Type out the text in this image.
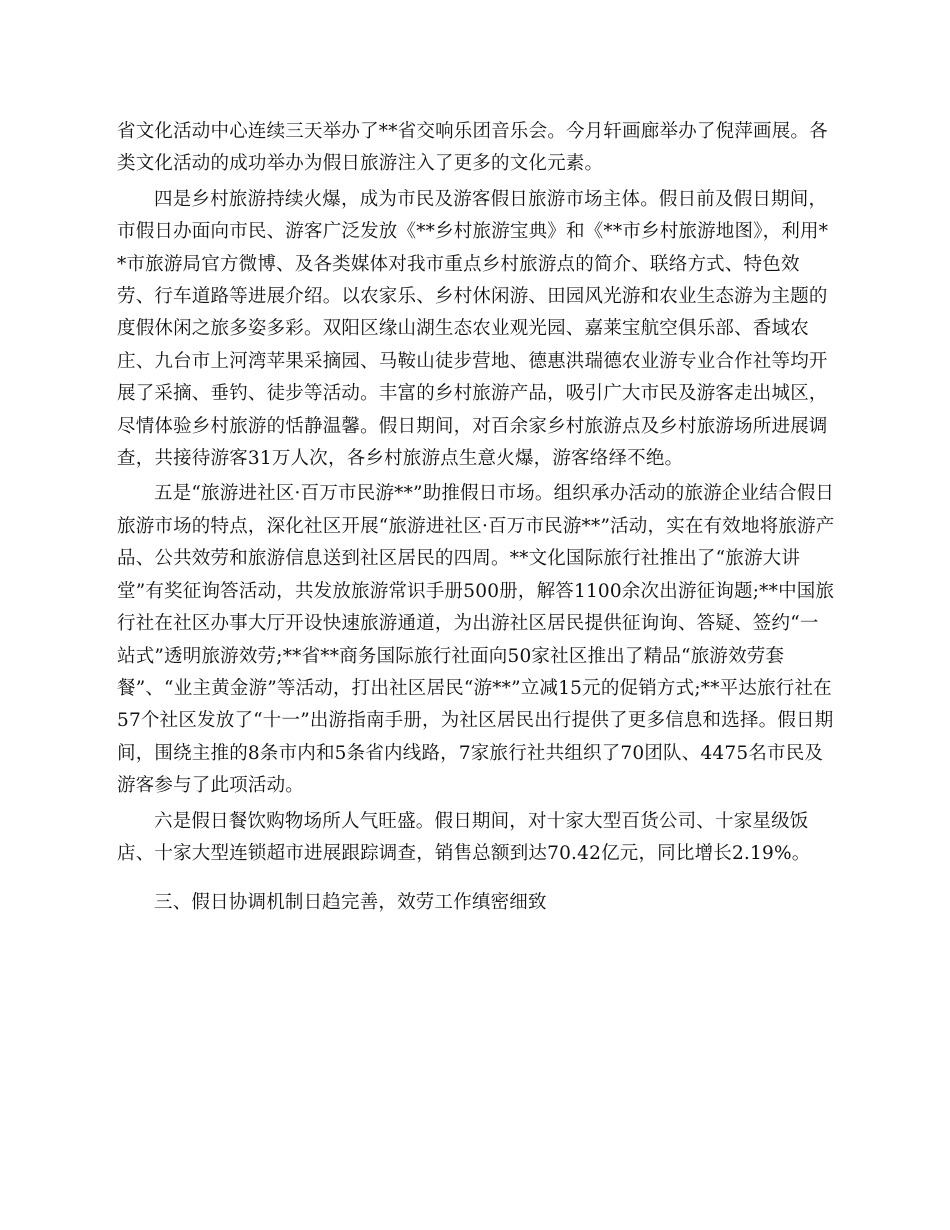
省文化活动中心连续三天举办了**省交响乐团音乐会。今月轩画廊举办了倪萍画展。各类文化活动的成功举办为假日旅游注入了更多的文化元素。

四是乡村旅游持续火爆，成为市民及游客假日旅游市场主体。假日前及假日期间，市假日办面向市民、游客广泛发放《**乡村旅游宝典》和《**市乡村旅游地图》，利用**市旅游局官方微博、及各类媒体对我市重点乡村旅游点的简介、联络方式、特色效劳、行车道路等进展介绍。以农家乐、乡村休闲游、田园风光游和农业生态游为主题的度假休闲之旅多姿多彩。双阳区缘山湖生态农业观光园、嘉莱宝航空俱乐部、香域农庄、九台市上河湾苹果采摘园、马鞍山徒步营地、德惠洪瑞德农业游专业合作社等均开展了采摘、垂钓、徒步等活动。丰富的乡村旅游产品，吸引广大市民及游客走出城区，尽情体验乡村旅游的恬静温馨。假日期间，对百余家乡村旅游点及乡村旅游场所进展调查，共接待游客31万人次，各乡村旅游点生意火爆，游客络绎不绝。

五是“旅游进社区·百万市民游**”助推假日市场。组织承办活动的旅游企业结合假日旅游市场的特点，深化社区开展“旅游进社区·百万市民游**”活动，实在有效地将旅游产品、公共效劳和旅游信息送到社区居民的四周。**文化国际旅行社推出了“旅游大讲堂”有奖征询答活动，共发放旅游常识手册500册，解答1100余次出游征询题;**中国旅行社在社区办事大厅开设快速旅游通道，为出游社区居民提供征询询、答疑、签约“一站式”透明旅游效劳;**省**商务国际旅行社面向50家社区推出了精品“旅游效劳套餐”、“业主黄金游”等活动，打出社区居民“游**”立减15元的促销方式;**平达旅行社在57个社区发放了“十一”出游指南手册，为社区居民出行提供了更多信息和选择。假日期间，围绕主推的8条市内和5条省内线路，7家旅行社共组织了70团队、4475名市民及游客参与了此项活动。

六是假日餐饮购物场所人气旺盛。假日期间，对十家大型百货公司、十家星级饭店、十家大型连锁超市进展跟踪调查，销售总额到达70.42亿元，同比增长2.19%。

三、假日协调机制日趋完善，效劳工作缜密细致
